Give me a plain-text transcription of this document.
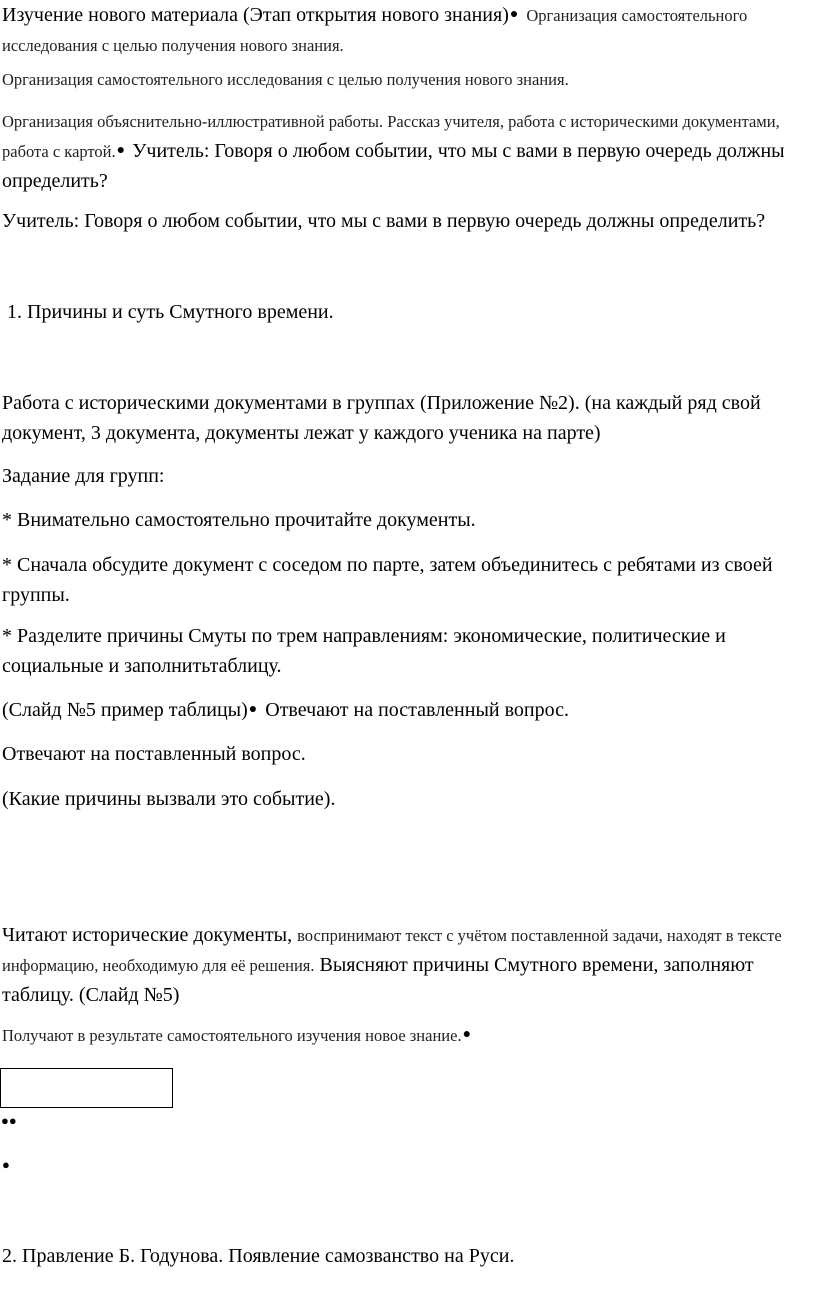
Изучение нового материала (Этап открытия нового знания)● Организация самостоятельного исследования с целью получения нового знания.

Организация самостоятельного исследования с целью получения нового знания.

Организация объяснительно-иллюстративной работы. Рассказ учителя, работа с историческими документами, работа с картой.● Учитель: Говоря о любом событии, что мы с вами в первую очередь должны определить?

Учитель: Говоря о любом событии, что мы с вами в первую очередь должны определить?

1. Причины и суть Смутного времени.

Работа с историческими документами в группах (Приложение №2). (на каждый ряд свой документ, 3 документа, документы лежат у каждого ученика на парте)

Задание для групп:

* Внимательно самостоятельно прочитайте документы.

* Сначала обсудите документ с соседом по парте, затем объединитесь с ребятами из своей группы.

* Разделите причины Смуты по трем направлениям: экономические, политические и социальные и заполнитьтаблицу.

(Слайд №5 пример таблицы)● Отвечают на поставленный вопрос.

Отвечают на поставленный вопрос.

(Какие причины вызвали это событие).

Читают исторические документы, воспринимают текст с учётом поставленной задачи, находят в тексте информацию, необходимую для её решения. Выясняют причины Смутного времени, заполняют таблицу. (Слайд №5)

Получают в результате самостоятельного изучения новое знание.●

●●
●

2. Правление Б. Годунова. Появление самозванство на Руси.
